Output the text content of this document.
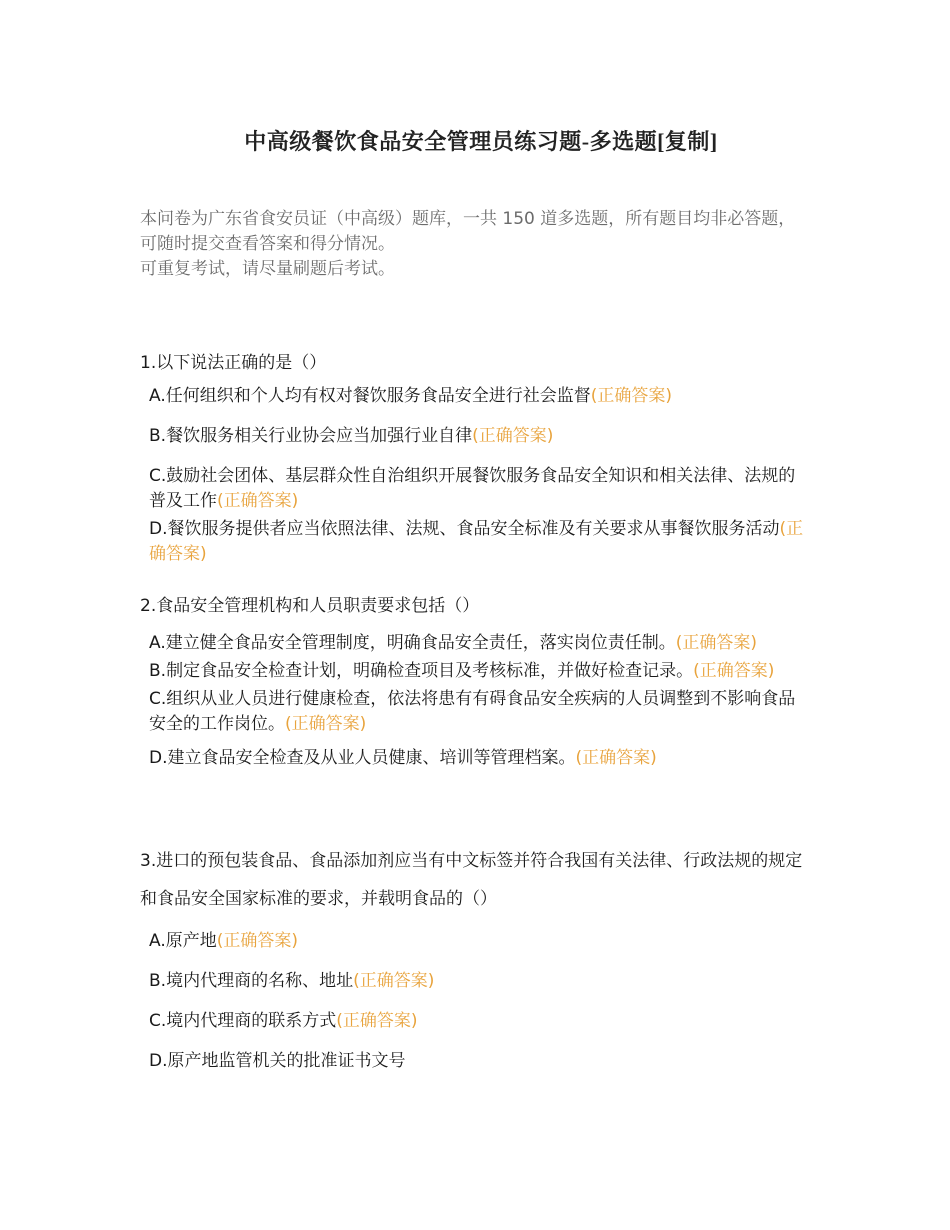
中高级餐饮食品安全管理员练习题-多选题[复制]

本问卷为广东省食安员证（中高级）题库，一共 150 道多选题，所有题目均非必答题，可随时提交查看答案和得分情况。

可重复考试，请尽量刷题后考试。

1.以下说法正确的是（）

A.任何组织和个人均有权对餐饮服务食品安全进行社会监督(正确答案)
B.餐饮服务相关行业协会应当加强行业自律(正确答案)
C.鼓励社会团体、基层群众性自治组织开展餐饮服务食品安全知识和相关法律、法规的普及工作(正确答案)
D.餐饮服务提供者应当依照法律、法规、食品安全标准及有关要求从事餐饮服务活动(正确答案)

2.食品安全管理机构和人员职责要求包括（）

A.建立健全食品安全管理制度，明确食品安全责任，落实岗位责任制。(正确答案)
B.制定食品安全检查计划，明确检查项目及考核标准，并做好检查记录。(正确答案)
C.组织从业人员进行健康检查，依法将患有有碍食品安全疾病的人员调整到不影响食品安全的工作岗位。(正确答案)
D.建立食品安全检查及从业人员健康、培训等管理档案。(正确答案)

3.进口的预包装食品、食品添加剂应当有中文标签并符合我国有关法律、行政法规的规定和食品安全国家标准的要求，并载明食品的（）

A.原产地(正确答案)
B.境内代理商的名称、地址(正确答案)
C.境内代理商的联系方式(正确答案)
D.原产地监管机关的批准证书文号
